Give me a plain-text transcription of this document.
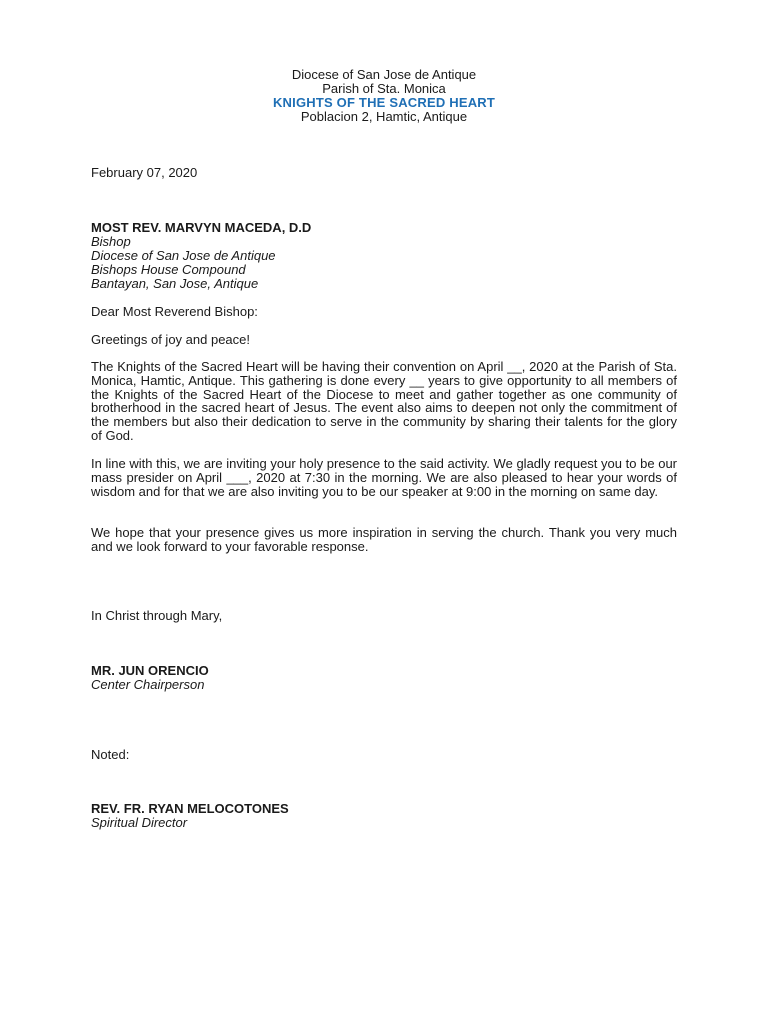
Diocese of San Jose de Antique
Parish of Sta. Monica
KNIGHTS OF THE SACRED HEART
Poblacion 2, Hamtic, Antique
February 07, 2020
MOST REV. MARVYN MACEDA, D.D
Bishop
Diocese of San Jose de Antique
Bishops House Compound
Bantayan, San Jose, Antique
Dear Most Reverend Bishop:
Greetings of joy and peace!

The Knights of the Sacred Heart will be having their convention on April __, 2020 at the Parish of Sta. Monica, Hamtic, Antique. This gathering is done every __ years to give opportunity to all members of the Knights of the Sacred Heart of the Diocese to meet and gather together as one community of brotherhood in the sacred heart of Jesus. The event also aims to deepen not only the commitment of the members but also their dedication to serve in the community by sharing their talents for the glory of God.

In line with this, we are inviting your holy presence to the said activity. We gladly request you to be our mass presider on April ___, 2020 at 7:30 in the morning. We are also pleased to hear your words of wisdom and for that we are also inviting you to be our speaker at 9:00 in the morning on same day.

We hope that your presence gives us more inspiration in serving the church. Thank you very much and we look forward to your favorable response.

In Christ through Mary,
MR. JUN ORENCIO
Center Chairperson
Noted:
REV. FR. RYAN MELOCOTONES
Spiritual Director
